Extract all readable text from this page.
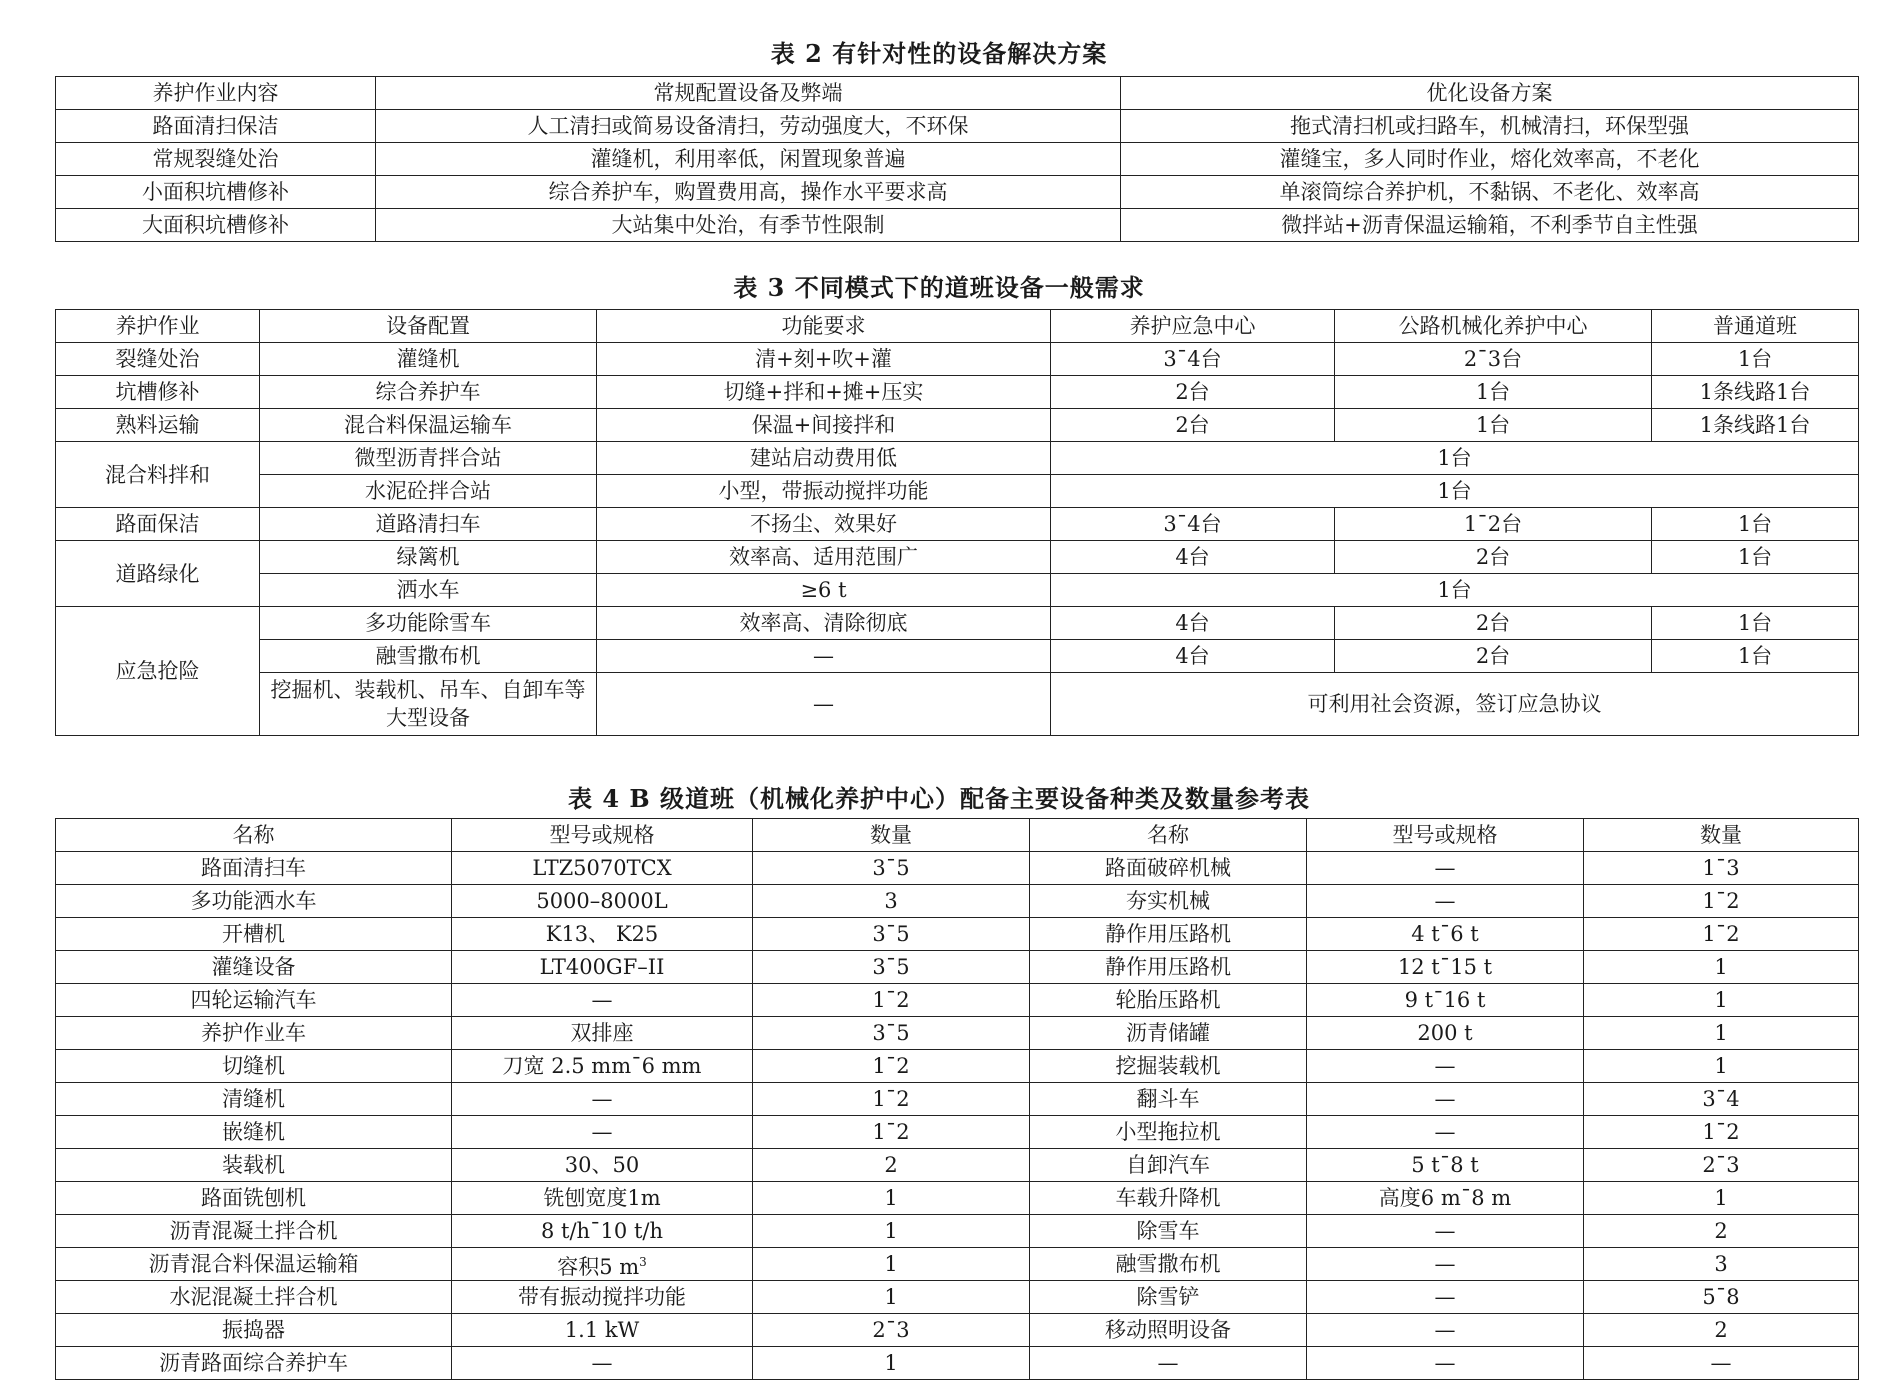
表 2 有针对性的设备解决方案
养护作业内容	常规配置设备及弊端	优化设备方案
路面清扫保洁	人工清扫或简易设备清扫，劳动强度大，不环保	拖式清扫机或扫路车，机械清扫，环保型强
常规裂缝处治	灌缝机，利用率低，闲置现象普遍	灌缝宝，多人同时作业，熔化效率高，不老化
小面积坑槽修补	综合养护车，购置费用高，操作水平要求高	单滚筒综合养护机，不黏锅、不老化、效率高
大面积坑槽修补	大站集中处治，有季节性限制	微拌站+沥青保温运输箱，不利季节自主性强
表 3 不同模式下的道班设备一般需求
养护作业	设备配置	功能要求	养护应急中心	公路机械化养护中心	普通道班
裂缝处治	灌缝机	清+刻+吹+灌	3¯4台	2¯3台	1台
坑槽修补	综合养护车	切缝+拌和+摊+压实	2台	1台	1条线路1台
熟料运输	混合料保温运输车	保温+间接拌和	2台	1台	1条线路1台
混合料拌和	微型沥青拌合站	建站启动费用低	1台		
	水泥砼拌合站	小型，带振动搅拌功能	1台		
路面保洁	道路清扫车	不扬尘、效果好	3¯4台	1¯2台	1台
道路绿化	绿篱机	效率高、适用范围广	4台	2台	1台
	洒水车	≥6 t	1台		
应急抢险	多功能除雪车	效率高、清除彻底	4台	2台	1台
	融雪撒布机	—	4台	2台	1台
	挖掘机、装载机、吊车、自卸车等大型设备	—	可利用社会资源，签订应急协议		
表 4 B 级道班（机械化养护中心）配备主要设备种类及数量参考表
名称	型号或规格	数量	名称	型号或规格	数量
路面清扫车	LTZ5070TCX	3¯5	路面破碎机械	—	1¯3
多功能洒水车	5000–8000L	3	夯实机械	—	1¯2
开槽机	K13、 K25	3¯5	静作用压路机	4 t¯6 t	1¯2
灌缝设备	LT400GF–II	3¯5	静作用压路机	12 t¯15 t	1
四轮运输汽车	—	1¯2	轮胎压路机	9 t¯16 t	1
养护作业车	双排座	3¯5	沥青储罐	200 t	1
切缝机	刀宽 2.5 mm¯6 mm	1¯2	挖掘装载机	—	1
清缝机	—	1¯2	翻斗车	—	3¯4
嵌缝机	—	1¯2	小型拖拉机	—	1¯2
装载机	30、50	2	自卸汽车	5 t¯8 t	2¯3
路面铣刨机	铣刨宽度1m	1	车载升降机	高度6 m¯8 m	1
沥青混凝土拌合机	8 t/h¯10 t/h	1	除雪车	—	2
沥青混合料保温运输箱	容积5 $m^3$	1	融雪撒布机	—	3
水泥混凝土拌合机	带有振动搅拌功能	1	除雪铲	—	5¯8
振捣器	1.1 kW	2¯3	移动照明设备	—	2
沥青路面综合养护车	—	1	—	—	—
